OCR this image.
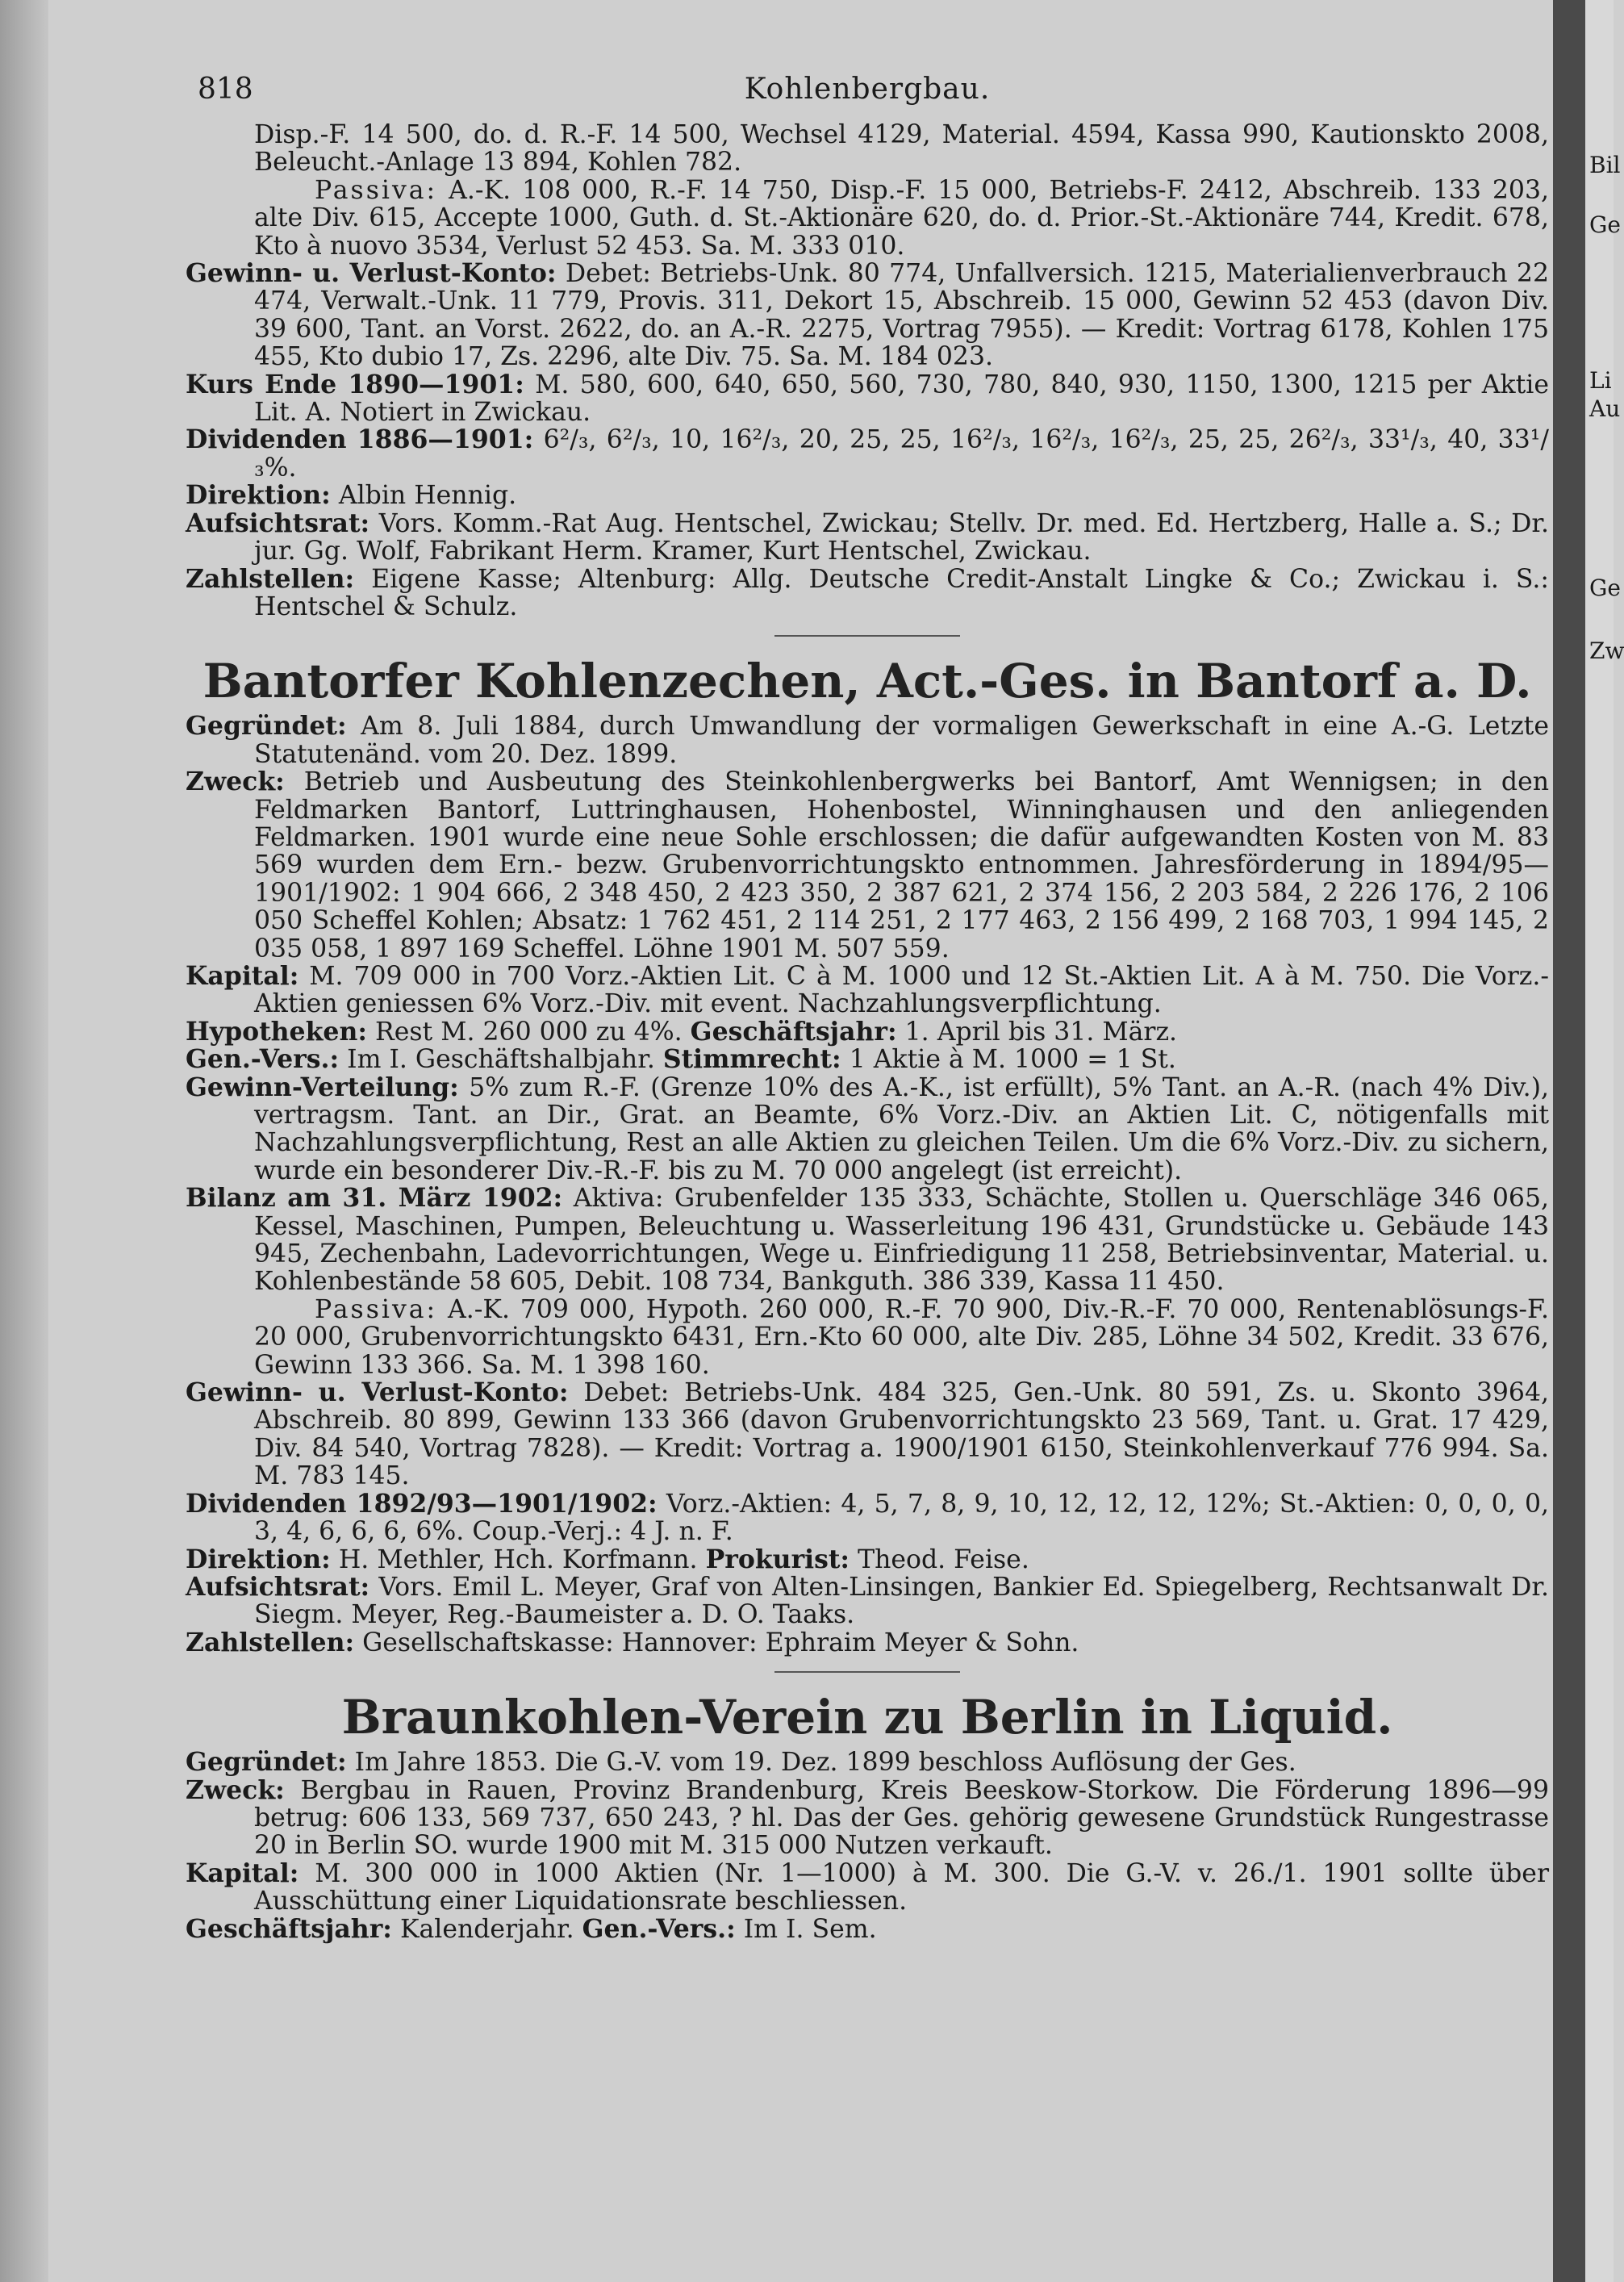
Bil
Ge
Li
Au
Ge
Zw
818	Kohlenbergbau.

Disp.-F. 14 500, do. d. R.-F. 14 500, Wechsel 4129, Material. 4594, Kassa 990, Kautionskto 2008, Beleucht.-Anlage 13 894, Kohlen 782.

Passiva: A.-K. 108 000, R.-F. 14 750, Disp.-F. 15 000, Betriebs-F. 2412, Abschreib. 133 203, alte Div. 615, Accepte 1000, Guth. d. St.-Aktionäre 620, do. d. Prior.-St.-Aktionäre 744, Kredit. 678, Kto à nuovo 3534, Verlust 52 453. Sa. M. 333 010.

Gewinn- u. Verlust-Konto: Debet: Betriebs-Unk. 80 774, Unfallversich. 1215, Materialienverbrauch 22 474, Verwalt.-Unk. 11 779, Provis. 311, Dekort 15, Abschreib. 15 000, Gewinn 52 453 (davon Div. 39 600, Tant. an Vorst. 2622, do. an A.-R. 2275, Vortrag 7955). — Kredit: Vortrag 6178, Kohlen 175 455, Kto dubio 17, Zs. 2296, alte Div. 75. Sa. M. 184 023.

Kurs Ende 1890—1901: M. 580, 600, 640, 650, 560, 730, 780, 840, 930, 1150, 1300, 1215 per Aktie Lit. A. Notiert in Zwickau.

Dividenden 1886—1901: 6²/₃, 6²/₃, 10, 16²/₃, 20, 25, 25, 16²/₃, 16²/₃, 16²/₃, 25, 25, 26²/₃, 33¹/₃, 40, 33¹/₃%.

Direktion: Albin Hennig.

Aufsichtsrat: Vors. Komm.-Rat Aug. Hentschel, Zwickau; Stellv. Dr. med. Ed. Hertzberg, Halle a. S.; Dr. jur. Gg. Wolf, Fabrikant Herm. Kramer, Kurt Hentschel, Zwickau.

Zahlstellen: Eigene Kasse; Altenburg: Allg. Deutsche Credit-Anstalt Lingke & Co.; Zwickau i. S.: Hentschel & Schulz.

Bantorfer Kohlenzechen, Act.-Ges. in Bantorf a. D.

Gegründet: Am 8. Juli 1884, durch Umwandlung der vormaligen Gewerkschaft in eine A.-G. Letzte Statutenänd. vom 20. Dez. 1899.

Zweck: Betrieb und Ausbeutung des Steinkohlenbergwerks bei Bantorf, Amt Wennigsen; in den Feldmarken Bantorf, Luttringhausen, Hohenbostel, Winninghausen und den anliegenden Feldmarken. 1901 wurde eine neue Sohle erschlossen; die dafür aufgewandten Kosten von M. 83 569 wurden dem Ern.- bezw. Grubenvorrichtungskto entnommen. Jahresförderung in 1894/95—1901/1902: 1 904 666, 2 348 450, 2 423 350, 2 387 621, 2 374 156, 2 203 584, 2 226 176, 2 106 050 Scheffel Kohlen; Absatz: 1 762 451, 2 114 251, 2 177 463, 2 156 499, 2 168 703, 1 994 145, 2 035 058, 1 897 169 Scheffel. Löhne 1901 M. 507 559.

Kapital: M. 709 000 in 700 Vorz.-Aktien Lit. C à M. 1000 und 12 St.-Aktien Lit. A à M. 750. Die Vorz.-Aktien geniessen 6% Vorz.-Div. mit event. Nachzahlungsverpflichtung.

Hypotheken: Rest M. 260 000 zu 4%. Geschäftsjahr: 1. April bis 31. März.

Gen.-Vers.: Im I. Geschäftshalbjahr. Stimmrecht: 1 Aktie à M. 1000 = 1 St.

Gewinn-Verteilung: 5% zum R.-F. (Grenze 10% des A.-K., ist erfüllt), 5% Tant. an A.-R. (nach 4% Div.), vertragsm. Tant. an Dir., Grat. an Beamte, 6% Vorz.-Div. an Aktien Lit. C, nötigenfalls mit Nachzahlungsverpflichtung, Rest an alle Aktien zu gleichen Teilen. Um die 6% Vorz.-Div. zu sichern, wurde ein besonderer Div.-R.-F. bis zu M. 70 000 angelegt (ist erreicht).

Bilanz am 31. März 1902: Aktiva: Grubenfelder 135 333, Schächte, Stollen u. Querschläge 346 065, Kessel, Maschinen, Pumpen, Beleuchtung u. Wasserleitung 196 431, Grundstücke u. Gebäude 143 945, Zechenbahn, Ladevorrichtungen, Wege u. Einfriedigung 11 258, Betriebsinventar, Material. u. Kohlenbestände 58 605, Debit. 108 734, Bankguth. 386 339, Kassa 11 450.

Passiva: A.-K. 709 000, Hypoth. 260 000, R.-F. 70 900, Div.-R.-F. 70 000, Rentenablösungs-F. 20 000, Grubenvorrichtungskto 6431, Ern.-Kto 60 000, alte Div. 285, Löhne 34 502, Kredit. 33 676, Gewinn 133 366. Sa. M. 1 398 160.

Gewinn- u. Verlust-Konto: Debet: Betriebs-Unk. 484 325, Gen.-Unk. 80 591, Zs. u. Skonto 3964, Abschreib. 80 899, Gewinn 133 366 (davon Grubenvorrichtungskto 23 569, Tant. u. Grat. 17 429, Div. 84 540, Vortrag 7828). — Kredit: Vortrag a. 1900/1901 6150, Steinkohlenverkauf 776 994. Sa. M. 783 145.

Dividenden 1892/93—1901/1902: Vorz.-Aktien: 4, 5, 7, 8, 9, 10, 12, 12, 12, 12%; St.-Aktien: 0, 0, 0, 0, 3, 4, 6, 6, 6, 6%. Coup.-Verj.: 4 J. n. F.

Direktion: H. Methler, Hch. Korfmann. Prokurist: Theod. Feise.

Aufsichtsrat: Vors. Emil L. Meyer, Graf von Alten-Linsingen, Bankier Ed. Spiegelberg, Rechtsanwalt Dr. Siegm. Meyer, Reg.-Baumeister a. D. O. Taaks.

Zahlstellen: Gesellschaftskasse: Hannover: Ephraim Meyer & Sohn.

Braunkohlen-Verein zu Berlin in Liquid.

Gegründet: Im Jahre 1853. Die G.-V. vom 19. Dez. 1899 beschloss Auflösung der Ges.

Zweck: Bergbau in Rauen, Provinz Brandenburg, Kreis Beeskow-Storkow. Die Förderung 1896—99 betrug: 606 133, 569 737, 650 243, ? hl. Das der Ges. gehörig gewesene Grundstück Rungestrasse 20 in Berlin SO. wurde 1900 mit M. 315 000 Nutzen verkauft.

Kapital: M. 300 000 in 1000 Aktien (Nr. 1—1000) à M. 300. Die G.-V. v. 26./1. 1901 sollte über Ausschüttung einer Liquidationsrate beschliessen.

Geschäftsjahr: Kalenderjahr. Gen.-Vers.: Im I. Sem.
